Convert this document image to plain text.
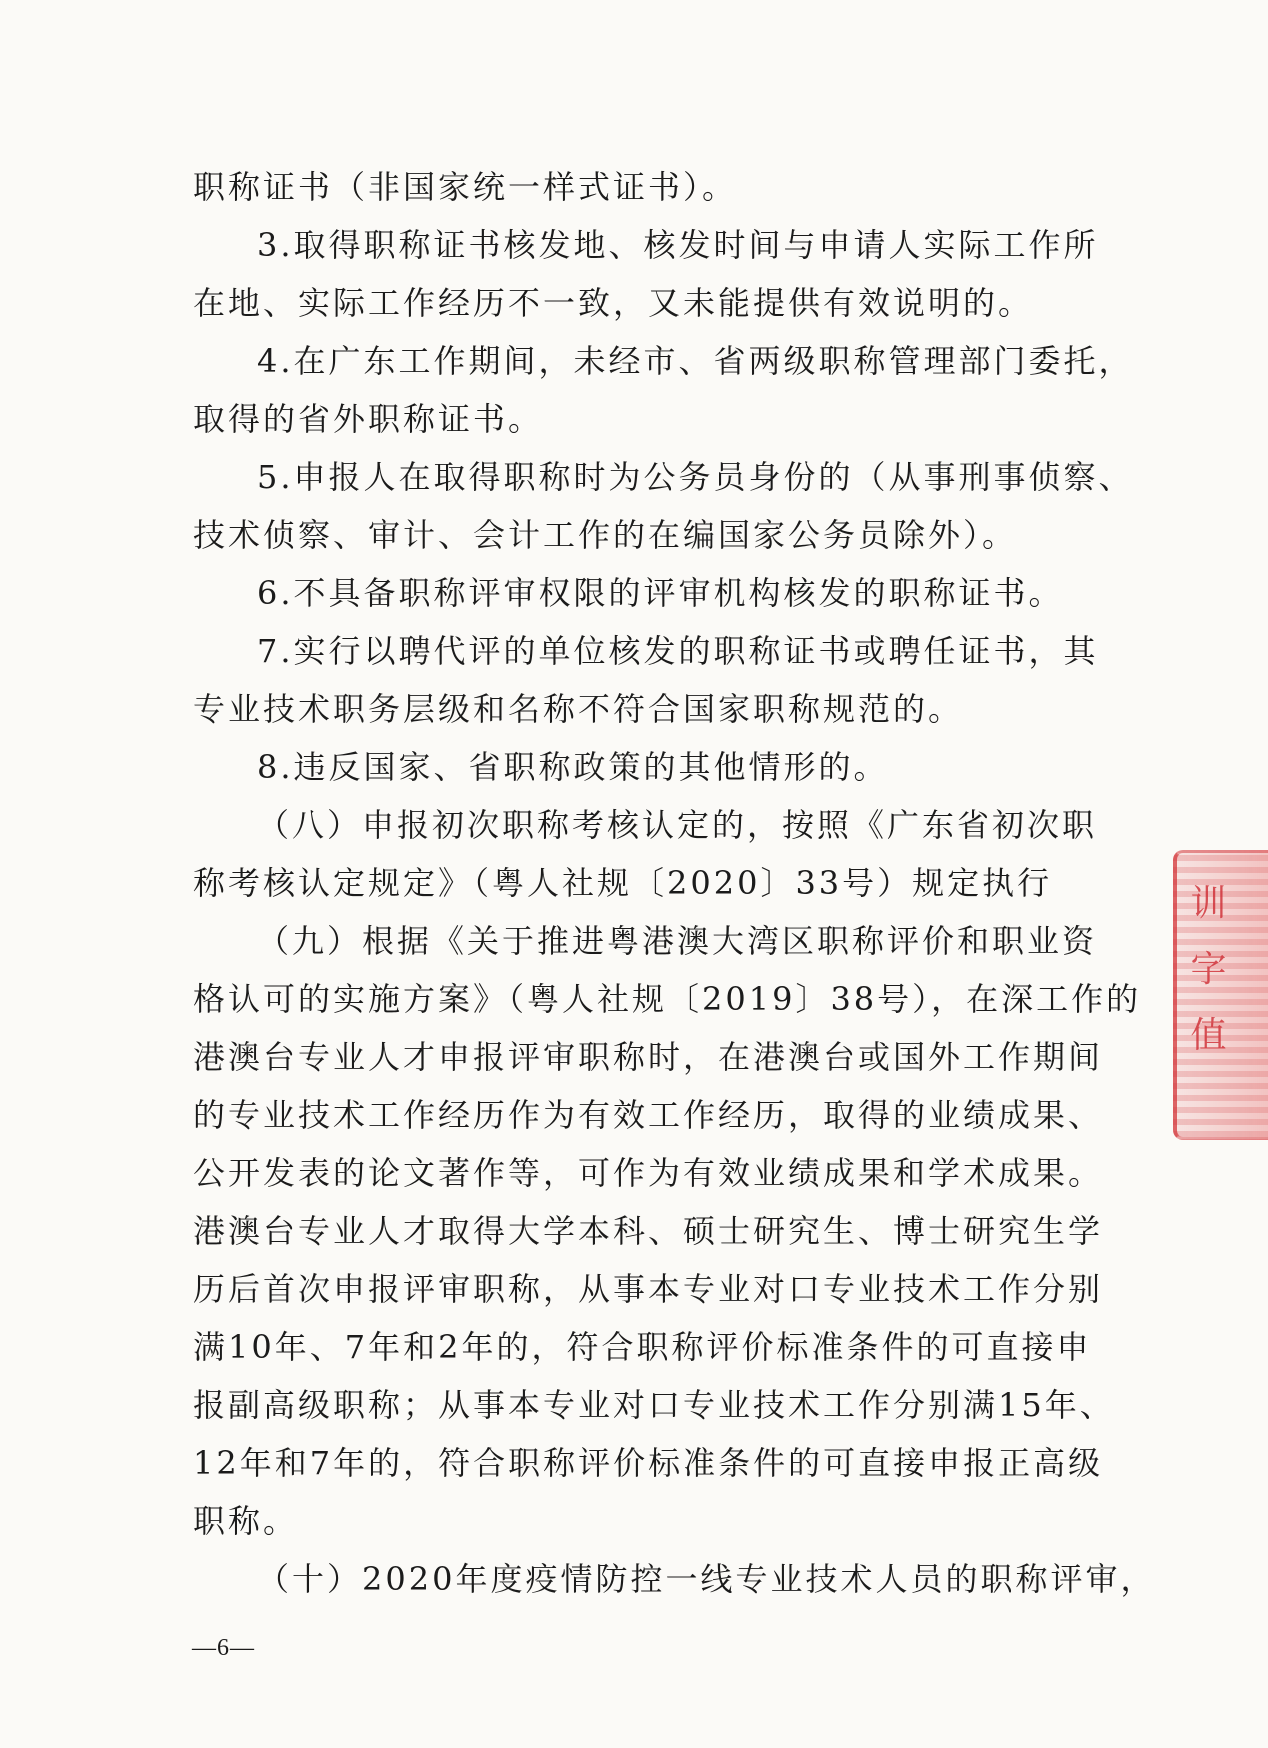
职称证书（非国家统一样式证书）。
3.取得职称证书核发地、核发时间与申请人实际工作所
在地、实际工作经历不一致，又未能提供有效说明的。
4.在广东工作期间，未经市、省两级职称管理部门委托，
取得的省外职称证书。
5.申报人在取得职称时为公务员身份的（从事刑事侦察、
技术侦察、审计、会计工作的在编国家公务员除外）。
6.不具备职称评审权限的评审机构核发的职称证书。
7.实行以聘代评的单位核发的职称证书或聘任证书，其
专业技术职务层级和名称不符合国家职称规范的。
8.违反国家、省职称政策的其他情形的。
（八）申报初次职称考核认定的，按照《广东省初次职
称考核认定规定》（粤人社规〔2020〕33号）规定执行
（九）根据《关于推进粤港澳大湾区职称评价和职业资
格认可的实施方案》（粤人社规〔2019〕38号），在深工作的
港澳台专业人才申报评审职称时，在港澳台或国外工作期间
的专业技术工作经历作为有效工作经历，取得的业绩成果、
公开发表的论文著作等，可作为有效业绩成果和学术成果。
港澳台专业人才取得大学本科、硕士研究生、博士研究生学
历后首次申报评审职称，从事本专业对口专业技术工作分别
满10年、7年和2年的，符合职称评价标准条件的可直接申
报副高级职称；从事本专业对口专业技术工作分别满15年、
12年和7年的，符合职称评价标准条件的可直接申报正高级
职称。
（十）2020年度疫情防控一线专业技术人员的职称评审，
—6—
训
字
值
